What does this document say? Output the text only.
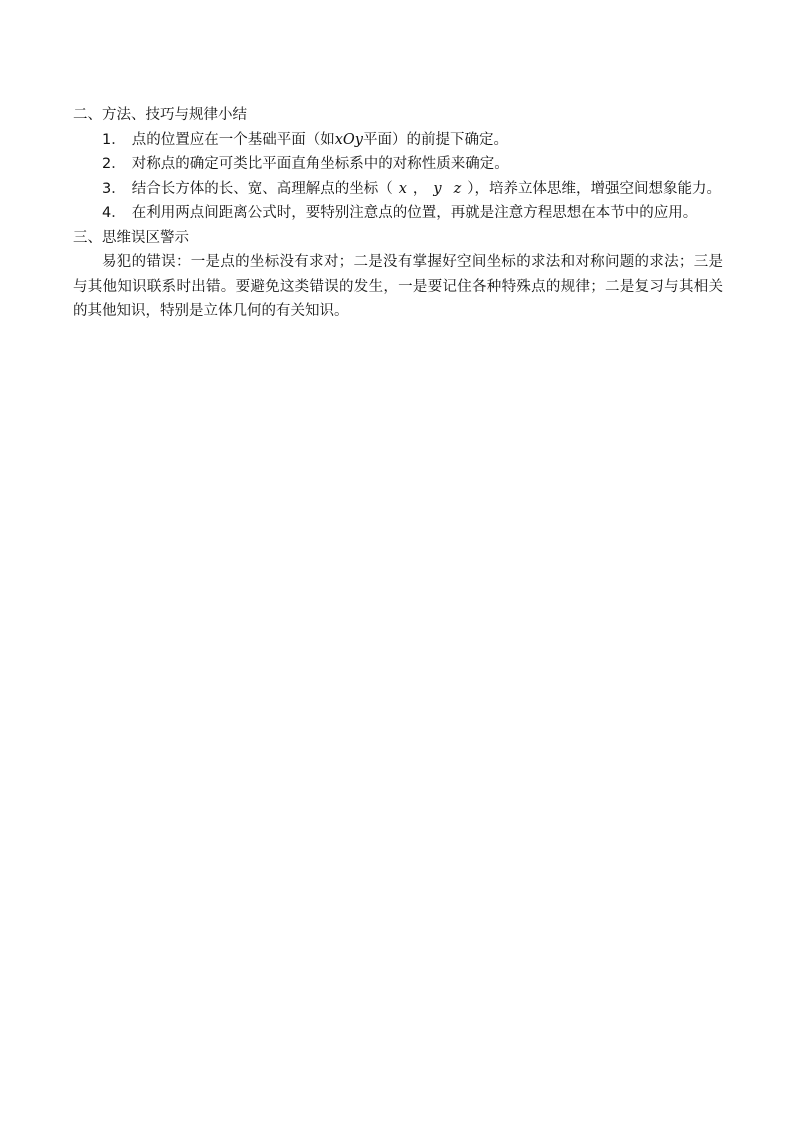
二、方法、技巧与规律小结

1． 点的位置应在一个基础平面（如xOy平面）的前提下确定。

2． 对称点的确定可类比平面直角坐标系中的对称性质来确定。

3． 结合长方体的长、宽、高理解点的坐标（ x ， y z ），培养立体思维，增强空间想象能力。

4． 在利用两点间距离公式时，要特别注意点的位置，再就是注意方程思想在本节中的应用。

三、思维误区警示

易犯的错误：一是点的坐标没有求对；二是没有掌握好空间坐标的求法和对称问题的求法；三是与其他知识联系时出错。要避免这类错误的发生，一是要记住各种特殊点的规律；二是复习与其相关的其他知识，特别是立体几何的有关知识。
